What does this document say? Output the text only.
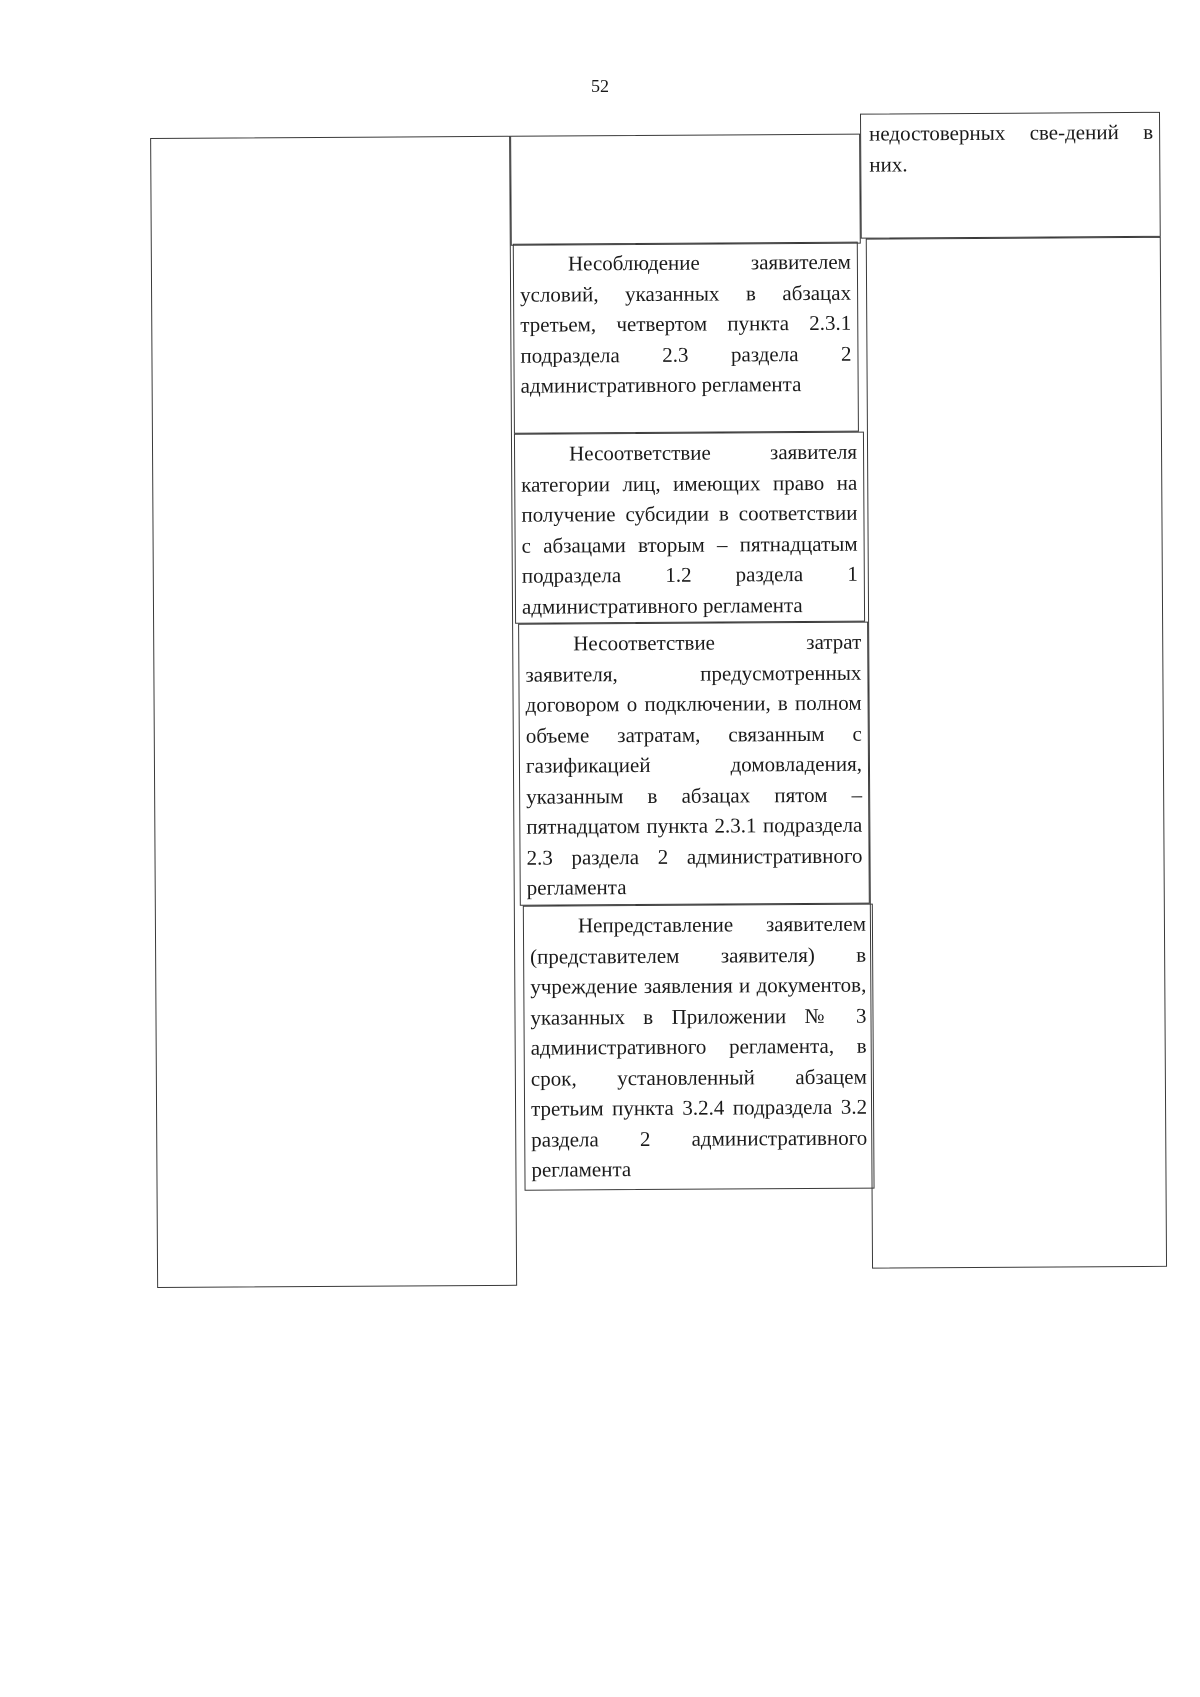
52

недостоверных све-дений в них.

Несоблюдение заявителем условий, указанных в абзацах третьем, четвертом пункта 2.3.1 подраздела 2.3 раздела 2 административного регламента

Несоответствие заявителя категории лиц, имеющих право на получение субсидии в соответствии с абзацами вторым – пятнадцатым подраздела 1.2 раздела 1 административного регламента

Несоответствие затрат заявителя, предусмотренных договором о подключении, в полном объеме затратам, связанным с газификацией домовладения, указанным в абзацах пятом – пятнадцатом пункта 2.3.1 подраздела 2.3 раздела 2 административного регламента

Непредставление заявителем (представителем заявителя) в учреждение заявления и документов, указанных в Приложении № 3 административного регламента, в срок, установленный абзацем третьим пункта 3.2.4 подраздела 3.2 раздела 2 административного регламента
